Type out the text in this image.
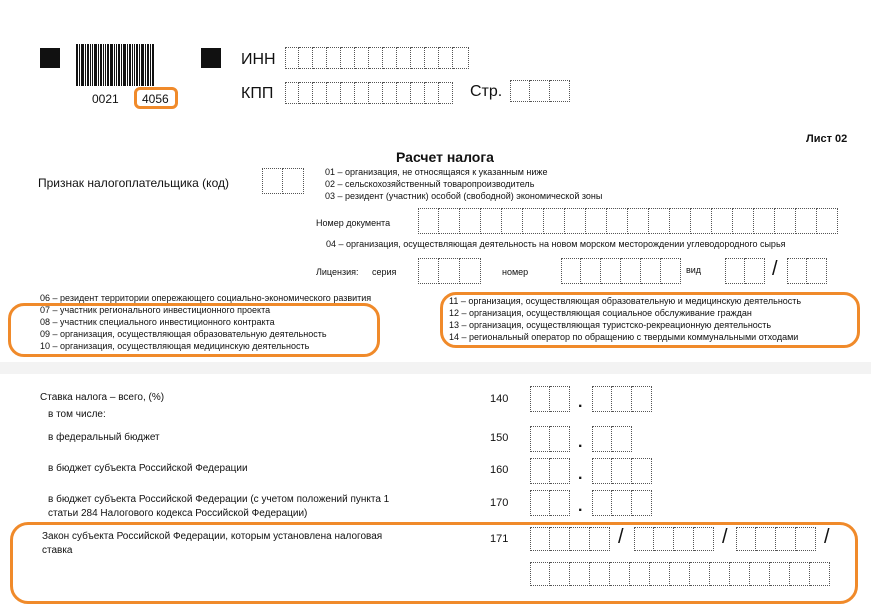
0021 4056
ИНН
КПП	Стр.
Лист 02
Расчет налога
Признак налогоплательщика (код)
01 – организация, не относящаяся к указанным ниже
02 – сельскохозяйственный товаропроизводитель
03 – резидент (участник) особой (свободной) экономической зоны
Номер документа
04 – организация, осуществляющая деятельность на новом морском месторождении углеводородного сырья
Лицензия: серия	номер	вид	/
06 – резидент территории опережающего социально-экономического развития
07 – участник регионального инвестиционного проекта
08 – участник специального инвестиционного контракта
09 – организация, осуществляющая образовательную деятельность
10 – организация, осуществляющая медицинскую деятельность
11 – организация, осуществляющая образовательную и медицинскую деятельность
12 – организация, осуществляющая социальное обслуживание граждан
13 – организация, осуществляющая туристско-рекреационную деятельность
14 – региональный оператор по обращению с твердыми коммунальными отходами
Ставка налога – всего, (%)
в том числе:
140	.
в федеральный бюджет	150	.
в бюджет субъекта Российской Федерации	160	.
в бюджет субъекта Российской Федерации (с учетом положений пункта 1
статьи 284 Налогового кодекса Российской Федерации)
170	.
Закон субъекта Российской Федерации, которым установлена налоговая
ставка
171	/	/	/
